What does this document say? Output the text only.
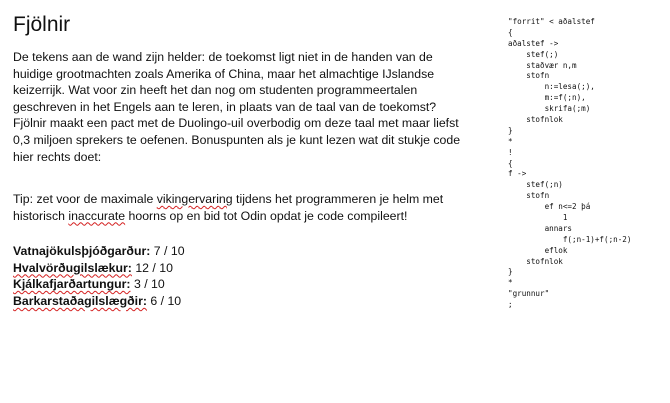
Fjölnir

De tekens aan de wand zijn helder: de toekomst ligt niet in de handen van de huidige grootmachten zoals Amerika of China, maar het almachtige IJslandse keizerrijk. Wat voor zin heeft het dan nog om studenten programmeertalen geschreven in het Engels aan te leren, in plaats van de taal van de toekomst? Fjölnir maakt een pact met de Duolingo-uil overbodig om deze taal met maar liefst 0,3 miljoen sprekers te oefenen. Bonuspunten als je kunt lezen wat dit stukje code hier rechts doet:

Tip: zet voor de maximale vikingervaring tijdens het programmeren je helm met historisch inaccurate hoorns op en bid tot Odin opdat je code compileert!

Vatnajökulsþjóðgarður: 7 / 10
Hvalvörðugilslækur: 12 / 10
Kjálkafjarðartungur: 3 / 10
Barkarstaðagilslægðir: 6 / 10
"forrit" < aðalstef
{
aðalstef ->
stef(;)
staðvær n,m
stofn
n:=lesa(;),
m:=f(;n),
skrifa(;m)
stofnlok
}
*
!
{
f ->
stef(;n)
stofn
ef n<=2 þá
1
annars
f(;n-1)+f(;n-2)
eflok
stofnlok
}
*
"grunnur"
;
